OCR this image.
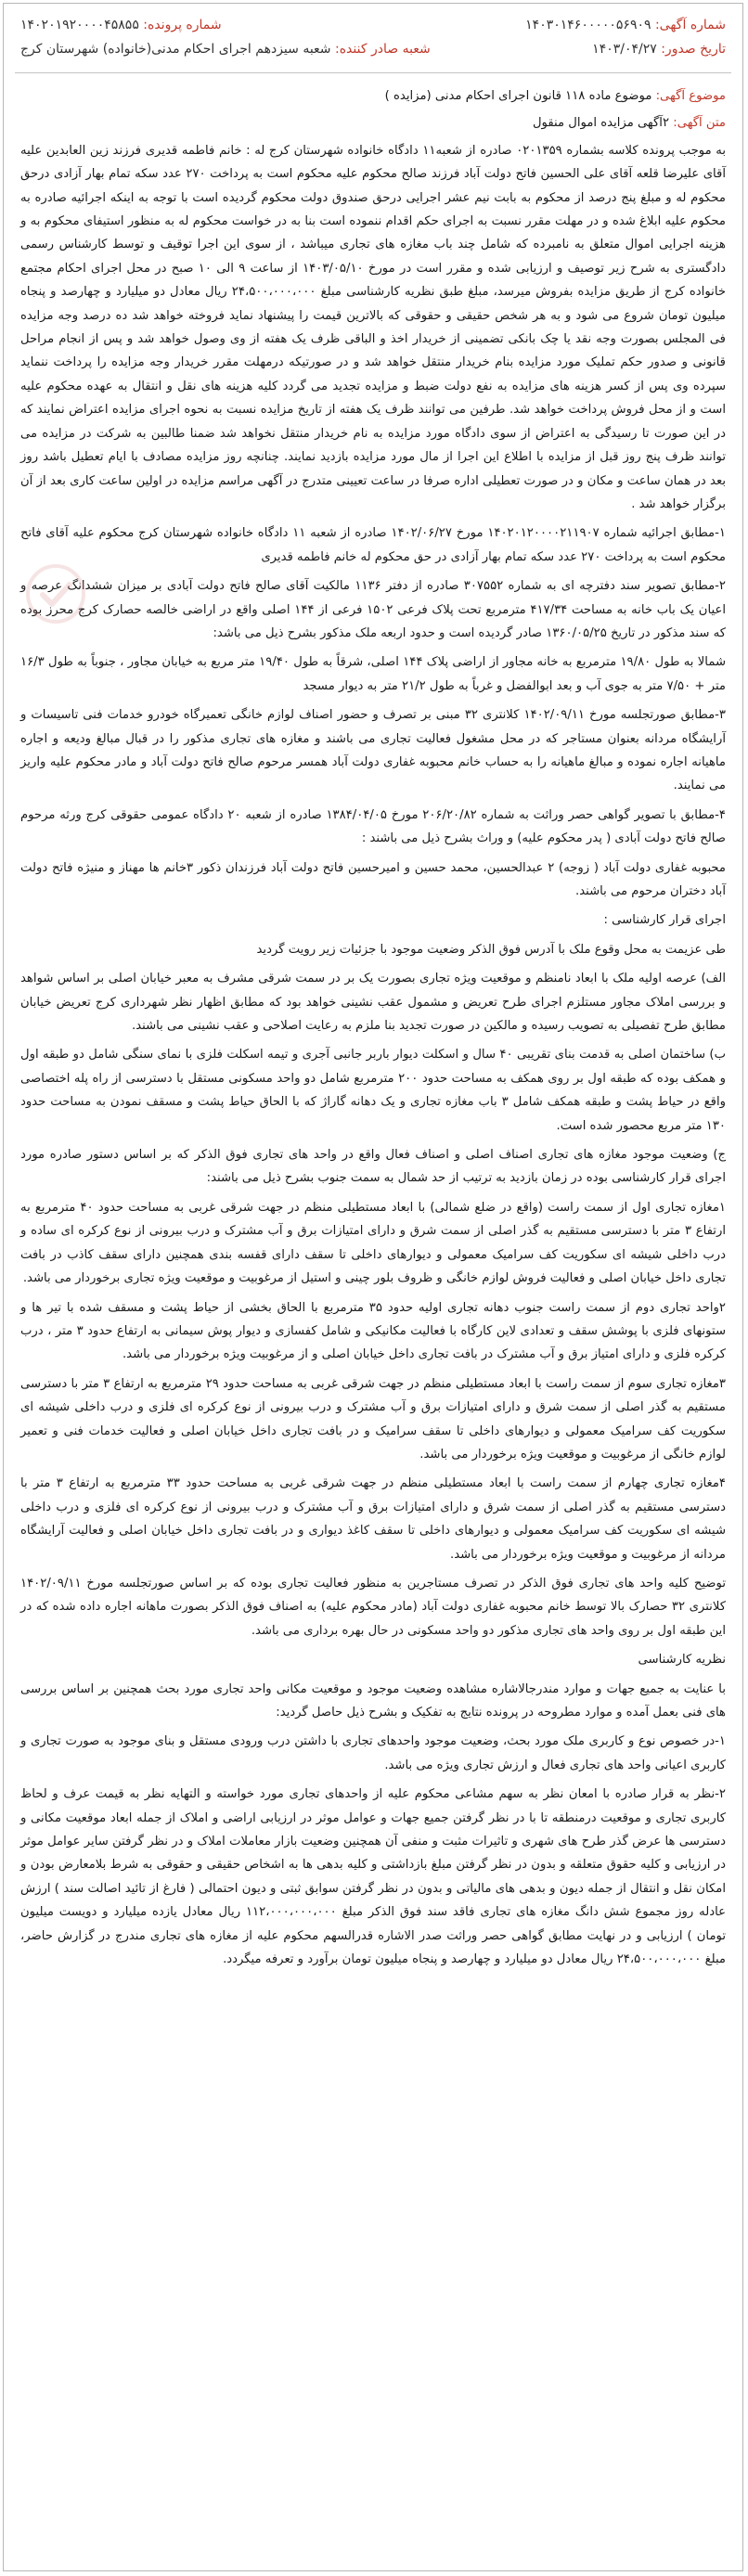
شماره آگهی: ۱۴۰۳۰۱۴۶۰۰۰۰۰۵۶۹۰۹
شماره پرونده: ۱۴۰۲۰۱۹۲۰۰۰۰۴۵۸۵۵
تاریخ صدور: ۱۴۰۳/۰۴/۲۷
شعبه صادر کننده: شعبه سیزدهم اجرای احکام مدنی(خانواده) شهرستان کرج
موضوع آگهی: موضوع ماده ۱۱۸ قانون اجرای احکام مدنی (مزایده )
متن آگهی: ۲آگهی مزایده اموال منقول

به موجب پرونده کلاسه بشماره ۰۲۰۱۳۵۹ صادره از شعبه۱۱ دادگاه خانواده شهرستان کرج له : خانم فاطمه قدیری فرزند زین العابدین علیه آقای علیرضا قلعه آقای علی الحسین فاتح دولت آباد فرزند صالح محکوم علیه محکوم است به پرداخت ۲۷۰ عدد سکه تمام بهار آزادی درحق محکوم له و مبلغ پنج درصد از محکوم به بابت نیم عشر اجرایی درحق صندوق دولت محکوم گردیده است با توجه به اینکه اجرائیه صادره به محکوم علیه ابلاغ شده و در مهلت مقرر نسبت به اجرای حکم اقدام ننموده است بنا به در خواست محکوم له به منظور استیفای محکوم به و هزینه اجرایی اموال متعلق به نامبرده که شامل چند باب مغازه های تجاری میباشد ، از سوی این اجرا توقیف و توسط کارشناس رسمی دادگستری به شرح زیر توصیف و ارزیابی شده و مقرر است در مورخ ۱۴۰۳/۰۵/۱۰ از ساعت ۹ الی ۱۰ صبح در محل اجرای احکام مجتمع خانواده کرج از طریق مزایده بفروش میرسد، مبلغ طبق نظریه کارشناسی مبلغ ۲۴،۵۰۰،۰۰۰،۰۰۰ ریال معادل دو میلیارد و چهارصد و پنجاه میلیون تومان شروع می شود و به هر شخص حقیقی و حقوقی که بالاترین قیمت را پیشنهاد نماید فروخته خواهد شد ده درصد وجه مزایده فی المجلس بصورت وجه نقد یا چک بانکی تضمینی از خریدار اخذ و الباقی ظرف یک هفته از وی وصول خواهد شد و پس از انجام مراحل قانونی و صدور حکم تملیک مورد مزایده بنام خریدار منتقل خواهد شد و در صورتیکه درمهلت مقرر خریدار وجه مزایده را پرداخت ننماید سپرده وی پس از کسر هزینه های مزایده به نفع دولت ضبط و مزایده تجدید می گردد کلیه هزینه های نقل و انتقال به عهده محکوم علیه است و از محل فروش پرداخت خواهد شد. طرفین می توانند ظرف یک هفته از تاریخ مزایده نسبت به نحوه اجرای مزایده اعتراض نمایند که در این صورت تا رسیدگی به اعتراض از سوی دادگاه مورد مزایده به نام خریدار منتقل نخواهد شد ضمنا طالبین به شرکت در مزایده می توانند ظرف پنج روز قبل از مزایده با اطلاع این اجرا از مال مورد مزایده بازدید نمایند. چنانچه روز مزایده مصادف با ایام تعطیل باشد روز بعد در همان ساعت و مکان و در صورت تعطیلی اداره صرفا در ساعت تعیینی متدرج در آگهی مراسم مزایده در اولین ساعت کاری بعد از آن برگزار خواهد شد .

۱-مطابق اجرائیه شماره ۱۴۰۲۰۱۲۰۰۰۰۲۱۱۹۰۷ مورخ ۱۴۰۲/۰۶/۲۷ صادره از شعبه ۱۱ دادگاه خانواده شهرستان کرج محکوم علیه آقای فاتح محکوم است به پرداخت ۲۷۰ عدد سکه تمام بهار آزادی در حق محکوم له خانم فاطمه قدیری

۲-مطابق تصویر سند دفترچه ای به شماره ۳۰۷۵۵۲ صادره از دفتر ۱۱۳۶ مالکیت آقای صالح فاتح دولت آبادی بر میزان ششدانگ عرصه و اعیان یک باب خانه به مساحت ۴۱۷/۳۴ مترمربع تحت پلاک فرعی ۱۵۰۲ فرعی از ۱۴۴ اصلی واقع در اراضی خالصه حصارک کرج محرز بوده که سند مذکور در تاریخ ۱۳۶۰/۰۵/۲۵ صادر گردیده است و حدود اربعه ملک مذکور بشرح ذیل می باشد:

شمالا به طول ۱۹/۸۰ مترمربع به خانه مجاور از اراضی پلاک ۱۴۴ اصلی، شرقاً به طول ۱۹/۴۰ متر مربع به خیابان مجاور ، جنوباً به طول ۱۶/۳ متر + ۷/۵۰ متر به جوی آب و بعد ابوالفضل و غرباً به طول ۲۱/۲ متر به دیوار مسجد

۳-مطابق صورتجلسه مورخ ۱۴۰۲/۰۹/۱۱ کلانتری ۳۲ مبنی بر تصرف و حضور اصناف لوازم خانگی تعمیرگاه خودرو خدمات فنی تاسیسات و آرایشگاه مردانه بعنوان مستاجر که در محل مشغول فعالیت تجاری می باشند و مغازه های تجاری مذکور را در قبال مبالغ ودیعه و اجاره ماهیانه اجاره نموده و مبالغ ماهیانه را به حساب خانم محبوبه غفاری دولت آباد همسر مرحوم صالح فاتح دولت آباد و مادر محکوم علیه واریز می نمایند.

۴-مطابق با تصویر گواهی حصر وراثت به شماره ۲۰۶/۲۰/۸۲ مورخ ۱۳۸۴/۰۴/۰۵ صادره از شعبه ۲۰ دادگاه عمومی حقوقی کرج ورثه مرحوم صالح فاتح دولت آبادی ( پدر محکوم علیه) و وراث بشرح ذیل می باشند :

محبوبه غفاری دولت آباد ( زوجه) ۲ عبدالحسین، محمد حسین و امیرحسین فاتح دولت آباد فرزندان ذکور ۳خانم ها مهناز و منیژه فاتح دولت آباد دختران مرحوم می باشند.

اجرای قرار کارشناسی :

طی عزیمت به محل وقوع ملک با آدرس فوق الذکر وضعیت موجود با جزئیات زیر رویت گردید

الف) عرصه اولیه ملک با ابعاد نامنظم و موقعیت ویژه تجاری بصورت یک بر در سمت شرقی مشرف به معبر خیابان اصلی بر اساس شواهد و بررسی املاک مجاور مستلزم اجرای طرح تعریض و مشمول عقب نشینی خواهد بود که مطابق اظهار نظر شهرداری کرج تعریض خیابان مطابق طرح تفصیلی به تصویب رسیده و مالکین در صورت تجدید بنا ملزم به رعایت اصلاحی و عقب نشینی می باشند.

ب) ساختمان اصلی به قدمت بنای تقریبی ۴۰ سال و اسکلت دیوار باربر جانبی آجری و تیمه اسکلت فلزی با نمای سنگی شامل دو طبقه اول و همکف بوده که طبقه اول بر روی همکف به مساحت حدود ۲۰۰ مترمربع شامل دو واحد مسکونی مستقل با دسترسی از راه پله اختصاصی واقع در حیاط پشت و طبقه همکف شامل ۳ باب مغازه تجاری و یک دهانه گاراژ که با الحاق حیاط پشت و مسقف نمودن به مساحت حدود ۱۳۰ متر مربع محصور شده است.

ج) وضعیت موجود مغازه های تجاری اصناف اصلی و اصناف فعال واقع در واحد های تجاری فوق الذکر که بر اساس دستور صادره مورد اجرای قرار کارشناسی بوده در زمان بازدید به ترتیب از حد شمال به سمت جنوب بشرح ذیل می باشند:

۱مغازه تجاری اول از سمت راست (واقع در ضلع شمالی) با ابعاد مستطیلی منظم در جهت شرقی غربی به مساحت حدود ۴۰ مترمربع به ارتفاع ۳ متر با دسترسی مستقیم به گذر اصلی از سمت شرق و دارای امتیازات برق و آب مشترک و درب بیرونی از نوع کرکره ای ساده و درب داخلی شیشه ای سکوریت کف سرامیک معمولی و دیوارهای داخلی تا سقف دارای قفسه بندی همچنین دارای سقف کاذب در بافت تجاری داخل خیابان اصلی و فعالیت فروش لوازم خانگی و ظروف بلور چینی و استیل از مرغوبیت و موقعیت ویژه تجاری برخوردار می باشد.

۲واحد تجاری دوم از سمت راست جنوب دهانه تجاری اولیه حدود ۳۵ مترمربع با الحاق بخشی از حیاط پشت و مسقف شده با تیر ها و ستونهای فلزی با پوشش سقف و تعدادی لاین کارگاه با فعالیت مکانیکی و شامل کفسازی و دیوار پوش سیمانی به ارتفاع حدود ۳ متر ، درب کرکره فلزی و دارای امتیاز برق و آب مشترک در بافت تجاری داخل خیابان اصلی و از مرغوبیت ویژه برخوردار می باشد.

۳مغازه تجاری سوم از سمت راست با ابعاد مستطیلی منظم در جهت شرقی غربی به مساحت حدود ۲۹ مترمربع به ارتفاع ۳ متر با دسترسی مستقیم به گذر اصلی از سمت شرق و دارای امتیازات برق و آب مشترک و درب بیرونی از نوع کرکره ای فلزی و درب داخلی شیشه ای سکوریت کف سرامیک معمولی و دیوارهای داخلی تا سقف سرامیک و در بافت تجاری داخل خیابان اصلی و فعالیت خدمات فنی و تعمیر لوازم خانگی از مرغوبیت و موقعیت ویژه برخوردار می باشد.

۴مغازه تجاری چهارم از سمت راست با ابعاد مستطیلی منظم در جهت شرقی غربی به مساحت حدود ۳۳ مترمربع به ارتفاع ۳ متر با دسترسی مستقیم به گذر اصلی از سمت شرق و دارای امتیازات برق و آب مشترک و درب بیرونی از نوع کرکره ای فلزی و درب داخلی شیشه ای سکوریت کف سرامیک معمولی و دیوارهای داخلی تا سقف کاغذ دیواری و در بافت تجاری داخل خیابان اصلی و فعالیت آرایشگاه مردانه از مرغوبیت و موقعیت ویژه برخوردار می باشد.

توضیح کلیه واحد های تجاری فوق الذکر در تصرف مستاجرین به منظور فعالیت تجاری بوده که بر اساس صورتجلسه مورخ ۱۴۰۲/۰۹/۱۱ کلانتری ۳۲ حصارک بالا توسط خانم محبوبه غفاری دولت آباد (مادر محکوم علیه) به اصناف فوق الذکر بصورت ماهانه اجاره داده شده که در این طبقه اول بر روی واحد های تجاری مذکور دو واحد مسکونی در حال بهره برداری می باشد.

نظریه کارشناسی

با عنایت به جمیع جهات و موارد مندرجالاشاره مشاهده وضعیت موجود و موقعیت مکانی واحد تجاری مورد بحث همچنین بر اساس بررسی های فنی بعمل آمده و موارد مطروحه در پرونده نتایج به تفکیک و بشرح ذیل حاصل گردید:

۱-در خصوص نوع و کاربری ملک مورد بحث، وضعیت موجود واحدهای تجاری با داشتن درب ورودی مستقل و بنای موجود به صورت تجاری و کاربری اعیانی واحد های تجاری فعال و ارزش تجاری ویژه می باشد.

۲-نظر به قرار صادره با امعان نظر به سهم مشاعی محکوم علیه از واحدهای تجاری مورد خواسته و التهایه نظر به قیمت عرف و لحاظ کاربری تجاری و موقعیت درمنطقه تا با در نظر گرفتن جمیع جهات و عوامل موثر در ارزیابی اراضی و املاک از جمله ابعاد موقعیت مکانی و دسترسی ها عرض گذر طرح های شهری و تاثیرات مثبت و منفی آن همچنین وضعیت بازار معاملات املاک و در نظر گرفتن سایر عوامل موثر در ارزیابی و کلیه حقوق متعلقه و بدون در نظر گرفتن مبلغ بازداشتی و کلیه بدهی ها به اشخاص حقیقی و حقوقی به شرط بلامعارض بودن و امکان نقل و انتقال از جمله دیون و بدهی های مالیاتی و بدون در نظر گرفتن سوابق ثبتی و دیون احتمالی ( فارغ از تائید اصالت سند ) ارزش عادله روز مجموع شش دانگ مغازه های تجاری فاقد سند فوق الذکر مبلغ ۱۱۲،۰۰۰،۰۰۰،۰۰۰ ریال معادل یازده میلیارد و دویست میلیون تومان ) ارزیابی و در نهایت مطابق گواهی حصر وراثت صدر الاشاره قدرالسهم محکوم علیه از مغازه های تجاری مندرج در گزارش حاضر، مبلغ ۲۴،۵۰۰،۰۰۰،۰۰۰ ریال معادل دو میلیارد و چهارصد و پنجاه میلیون تومان برآورد و تعرفه میگردد.
